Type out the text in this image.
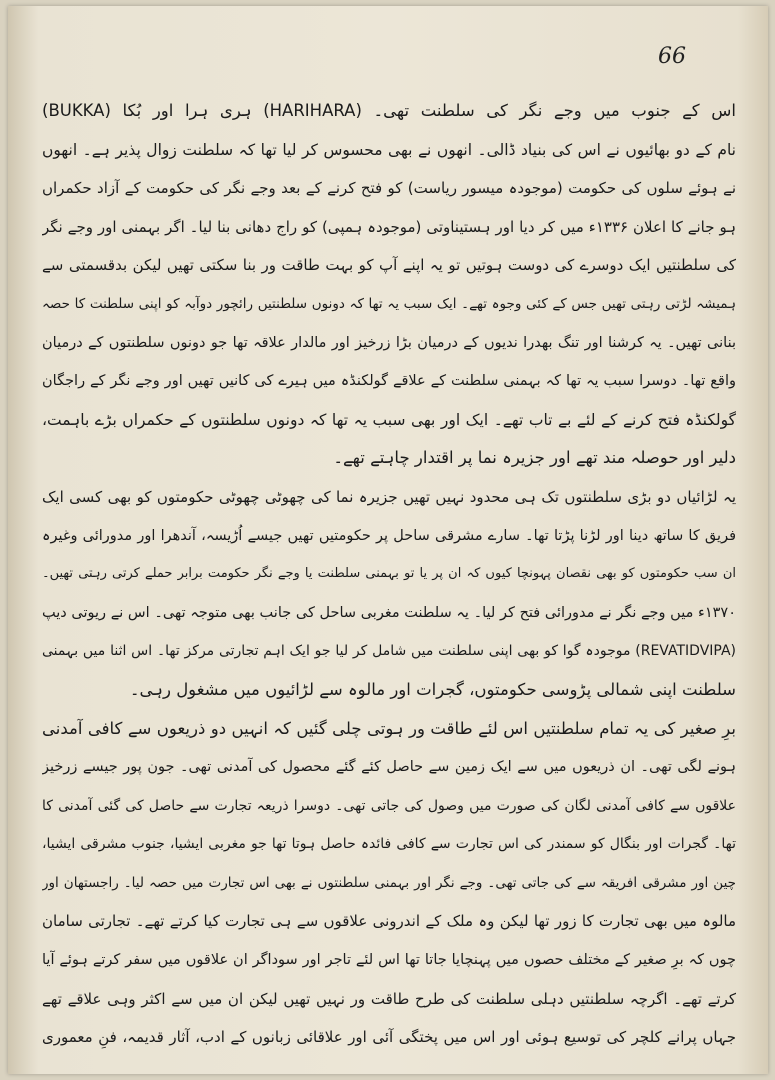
66

اس کے جنوب میں وجے نگر کی سلطنت تھی۔ (HARIHARA) ہری ہرا اور بُکا (BUKKA)
نام کے دو بھائیوں نے اس کی بنیاد ڈالی۔ انھوں نے بھی محسوس کر لیا تھا کہ سلطنت زوال پذیر ہے۔ انھوں
نے ہوئے سلوں کی حکومت (موجودہ میسور ریاست) کو فتح کرنے کے بعد وجے نگر کی حکومت کے آزاد حکمراں
ہو جانے کا اعلان ۱۳۳۶ء میں کر دیا اور ہستیناوتی (موجودہ ہمپی) کو راج دھانی بنا لیا۔ اگر بہمنی اور وجے نگر
کی سلطنتیں ایک دوسرے کی دوست ہوتیں تو یہ اپنے آپ کو بہت طاقت ور بنا سکتی تھیں لیکن بدقسمتی سے
ہمیشہ لڑتی رہتی تھیں جس کے کئی وجوہ تھے۔ ایک سبب یہ تھا کہ دونوں سلطنتیں رائچور دوآبہ کو اپنی سلطنت کا حصہ
بنانی تھیں۔ یہ کرشنا اور تنگ بھدرا ندیوں کے درمیان بڑا زرخیز اور مالدار علاقہ تھا جو دونوں سلطنتوں کے درمیان
واقع تھا۔ دوسرا سبب یہ تھا کہ بہمنی سلطنت کے علاقے گولکنڈہ میں ہیرے کی کانیں تھیں اور وجے نگر کے راجگان
گولکنڈہ فتح کرنے کے لئے بے تاب تھے۔ ایک اور بھی سبب یہ تھا کہ دونوں سلطنتوں کے حکمراں بڑے باہمت،
دلیر اور حوصلہ مند تھے اور جزیرہ نما پر اقتدار چاہتے تھے۔
یہ لڑائیاں دو بڑی سلطنتوں تک ہی محدود نہیں تھیں جزیرہ نما کی چھوٹی چھوٹی حکومتوں کو بھی کسی ایک
فریق کا ساتھ دینا اور لڑنا پڑتا تھا۔ سارے مشرقی ساحل پر حکومتیں تھیں جیسے اُڑیسہ، آندھرا اور مدورائی وغیرہ
ان سب حکومتوں کو بھی نقصان پہونچا کیوں کہ ان پر یا تو بہمنی سلطنت یا وجے نگر حکومت برابر حملے کرتی رہتی تھیں۔
۱۳۷۰ء میں وجے نگر نے مدورائی فتح کر لیا۔ یہ سلطنت مغربی ساحل کی جانب بھی متوجہ تھی۔ اس نے ریوتی دیپ
(REVATIDVIPA) موجودہ گوا کو بھی اپنی سلطنت میں شامل کر لیا جو ایک اہم تجارتی مرکز تھا۔ اس اثنا میں بہمنی
سلطنت اپنی شمالی پڑوسی حکومتوں، گجرات اور مالوہ سے لڑائیوں میں مشغول رہی۔
برِ صغیر کی یہ تمام سلطنتیں اس لئے طاقت ور ہوتی چلی گئیں کہ انہیں دو ذریعوں سے کافی آمدنی
ہونے لگی تھی۔ ان ذریعوں میں سے ایک زمین سے حاصل کئے گئے محصول کی آمدنی تھی۔ جون پور جیسے زرخیز
علاقوں سے کافی آمدنی لگان کی صورت میں وصول کی جاتی تھی۔ دوسرا ذریعہ تجارت سے حاصل کی گئی آمدنی کا
تھا۔ گجرات اور بنگال کو سمندر کی اس تجارت سے کافی فائدہ حاصل ہوتا تھا جو مغربی ایشیا، جنوب مشرقی ایشیا،
چین اور مشرقی افریقہ سے کی جاتی تھی۔ وجے نگر اور بہمنی سلطنتوں نے بھی اس تجارت میں حصہ لیا۔ راجستھان اور
مالوہ میں بھی تجارت کا زور تھا لیکن وہ ملک کے اندرونی علاقوں سے ہی تجارت کیا کرتے تھے۔ تجارتی سامان
چوں کہ برِ صغیر کے مختلف حصوں میں پہنچایا جاتا تھا اس لئے تاجر اور سوداگر ان علاقوں میں سفر کرتے ہوئے آیا
کرتے تھے۔ اگرچہ سلطنتیں دہلی سلطنت کی طرح طاقت ور نہیں تھیں لیکن ان میں سے اکثر وہی علاقے تھے
جہاں پرانے کلچر کی توسیع ہوئی اور اس میں پختگی آئی اور علاقائی زبانوں کے ادب، آثار قدیمہ، فنِ معموری
